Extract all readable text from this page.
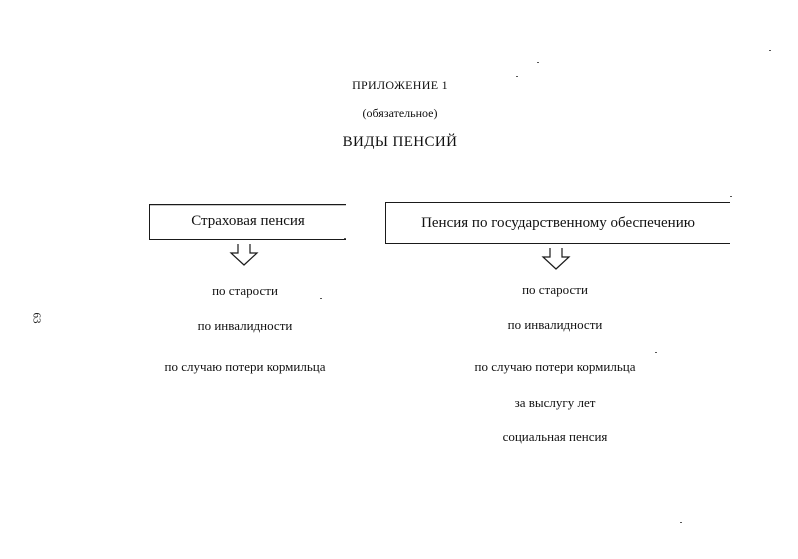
ПРИЛОЖЕНИЕ 1
(обязательное)
ВИДЫ ПЕНСИЙ
Страховая пенсия
по старости
по инвалидности
по случаю потери кормильца
Пенсия по государственному обеспечению
по старости
по инвалидности
по случаю потери кормильца
за выслугу лет
социальная пенсия
63
